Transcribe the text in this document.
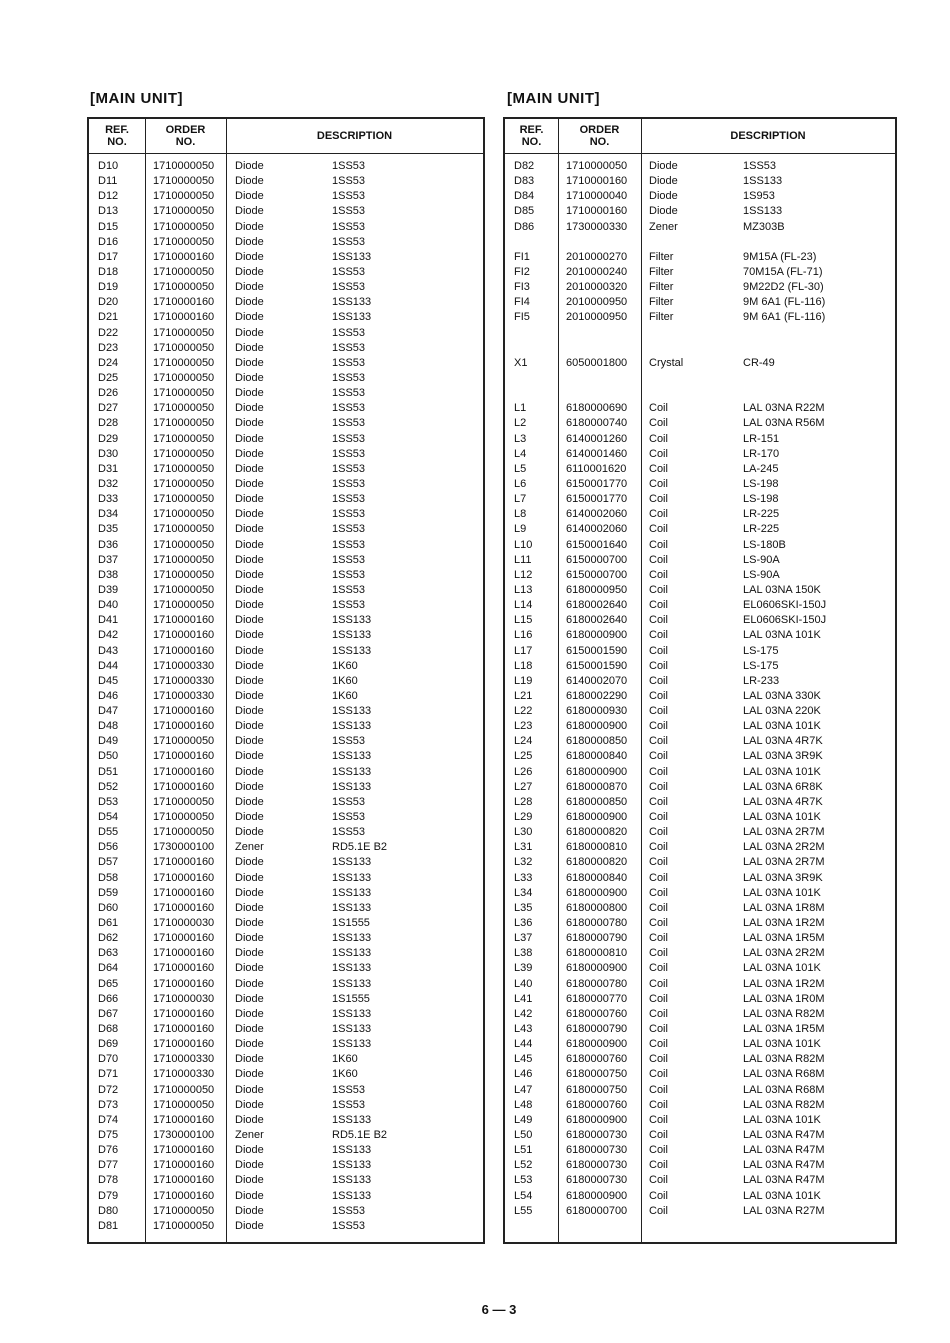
[MAIN UNIT]
REF.
NO.
ORDER
NO.	DESCRIPTION
D10	1710000050 Diode	1SS53
D11	1710000050 Diode	1SS53
D12	1710000050 Diode	1SS53
D13	1710000050 Diode	1SS53
D15	1710000050 Diode	1SS53
D16	1710000050 Diode	1SS53
D17	1710000160 Diode	1SS133
D18	1710000050 Diode	1SS53
D19	1710000050 Diode	1SS53
D20	1710000160 Diode	1SS133
D21	1710000160 Diode	1SS133
D22	1710000050 Diode	1SS53
D23	1710000050 Diode	1SS53
D24	1710000050 Diode	1SS53
D25	1710000050 Diode	1SS53
D26	1710000050 Diode	1SS53
D27	1710000050 Diode	1SS53
D28	1710000050 Diode	1SS53
D29	1710000050 Diode	1SS53
D30	1710000050 Diode	1SS53
D31	1710000050 Diode	1SS53
D32	1710000050 Diode	1SS53
D33	1710000050 Diode	1SS53
D34	1710000050 Diode	1SS53
D35	1710000050 Diode	1SS53
D36	1710000050 Diode	1SS53
D37	1710000050 Diode	1SS53
D38	1710000050 Diode	1SS53
D39	1710000050 Diode	1SS53
D40	1710000050 Diode	1SS53
D41	1710000160 Diode	1SS133
D42	1710000160 Diode	1SS133
D43	1710000160 Diode	1SS133
D44	1710000330 Diode	1K60
D45	1710000330 Diode	1K60
D46	1710000330 Diode	1K60
D47	1710000160 Diode	1SS133
D48	1710000160 Diode	1SS133
D49	1710000050 Diode	1SS53
D50	1710000160 Diode	1SS133
D51	1710000160 Diode	1SS133
D52	1710000160 Diode	1SS133
D53	1710000050 Diode	1SS53
D54	1710000050 Diode	1SS53
D55	1710000050 Diode	1SS53
D56	1730000100 Zener	RD5.1E B2
D57	1710000160 Diode	1SS133
D58	1710000160 Diode	1SS133
D59	1710000160 Diode	1SS133
D60	1710000160 Diode	1SS133
D61	1710000030 Diode	1S1555
D62	1710000160 Diode	1SS133
D63	1710000160 Diode	1SS133
D64	1710000160 Diode	1SS133
D65	1710000160 Diode	1SS133
D66	1710000030 Diode	1S1555
D67	1710000160 Diode	1SS133
D68	1710000160 Diode	1SS133
D69	1710000160 Diode	1SS133
D70	1710000330 Diode	1K60
D71	1710000330 Diode	1K60
D72	1710000050 Diode	1SS53
D73	1710000050 Diode	1SS53
D74	1710000160 Diode	1SS133
D75	1730000100 Zener	RD5.1E B2
D76	1710000160 Diode	1SS133
D77	1710000160 Diode	1SS133
D78	1710000160 Diode	1SS133
D79	1710000160 Diode	1SS133
D80	1710000050 Diode	1SS53
D81	1710000050 Diode	1SS53
[MAIN UNIT]
REF.
NO.
ORDER
NO.	DESCRIPTION
D82	1710000050 Diode	1SS53
D83	1710000160 Diode	1SS133
D84	1710000040 Diode	1S953
D85	1710000160 Diode	1SS133
D86	1730000330 Zener	MZ303B
FI1	2010000270 Filter	9M15A (FL-23)
FI2	2010000240 Filter	70M15A (FL-71)
FI3	2010000320 Filter	9M22D2 (FL-30)
FI4	2010000950 Filter	9M 6A1 (FL-116)
FI5	2010000950 Filter	9M 6A1 (FL-116)
X1	6050001800 Crystal	CR-49
L1	6180000690 Coil	LAL 03NA R22M
L2	6180000740 Coil	LAL 03NA R56M
L3	6140001260 Coil	LR-151
L4	6140001460 Coil	LR-170
L5	6110001620 Coil	LA-245
L6	6150001770 Coil	LS-198
L7	6150001770 Coil	LS-198
L8	6140002060 Coil	LR-225
L9	6140002060 Coil	LR-225
L10	6150001640 Coil	LS-180B
L11	6150000700 Coil	LS-90A
L12	6150000700 Coil	LS-90A
L13	6180000950 Coil	LAL 03NA 150K
L14	6180002640 Coil	EL0606SKI-150J
L15	6180002640 Coil	EL0606SKI-150J
L16	6180000900 Coil	LAL 03NA 101K
L17	6150001590 Coil	LS-175
L18	6150001590 Coil	LS-175
L19	6140002070 Coil	LR-233
L21	6180002290 Coil	LAL 03NA 330K
L22	6180000930 Coil	LAL 03NA 220K
L23	6180000900 Coil	LAL 03NA 101K
L24	6180000850 Coil	LAL 03NA 4R7K
L25	6180000840 Coil	LAL 03NA 3R9K
L26	6180000900 Coil	LAL 03NA 101K
L27	6180000870 Coil	LAL 03NA 6R8K
L28	6180000850 Coil	LAL 03NA 4R7K
L29	6180000900 Coil	LAL 03NA 101K
L30	6180000820 Coil	LAL 03NA 2R7M
L31	6180000810 Coil	LAL 03NA 2R2M
L32	6180000820 Coil	LAL 03NA 2R7M
L33	6180000840 Coil	LAL 03NA 3R9K
L34	6180000900 Coil	LAL 03NA 101K
L35	6180000800 Coil	LAL 03NA 1R8M
L36	6180000780 Coil	LAL 03NA 1R2M
L37	6180000790 Coil	LAL 03NA 1R5M
L38	6180000810 Coil	LAL 03NA 2R2M
L39	6180000900 Coil	LAL 03NA 101K
L40	6180000780 Coil	LAL 03NA 1R2M
L41	6180000770 Coil	LAL 03NA 1R0M
L42	6180000760 Coil	LAL 03NA R82M
L43	6180000790 Coil	LAL 03NA 1R5M
L44	6180000900 Coil	LAL 03NA 101K
L45	6180000760 Coil	LAL 03NA R82M
L46	6180000750 Coil	LAL 03NA R68M
L47	6180000750 Coil	LAL 03NA R68M
L48	6180000760 Coil	LAL 03NA R82M
L49	6180000900 Coil	LAL 03NA 101K
L50	6180000730 Coil	LAL 03NA R47M
L51	6180000730 Coil	LAL 03NA R47M
L52	6180000730 Coil	LAL 03NA R47M
L53	6180000730 Coil	LAL 03NA R47M
L54	6180000900 Coil	LAL 03NA 101K
L55	6180000700 Coil	LAL 03NA R27M
6 — 3
